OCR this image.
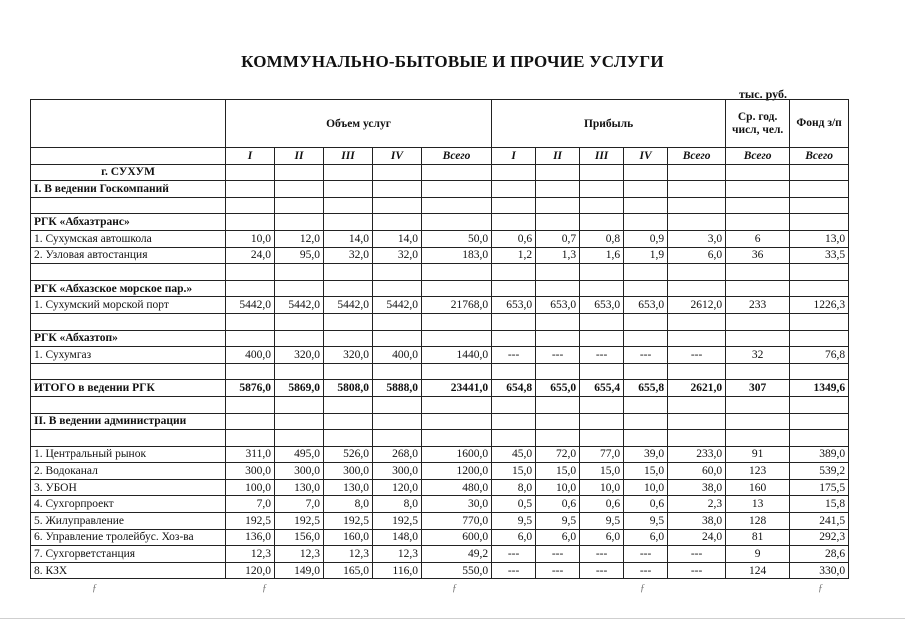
КОММУНАЛЬНО-БЫТОВЫЕ И ПРОЧИЕ УСЛУГИ
тыс. руб.
	Объем услуг					Прибыль					Ср. год. числ, чел.	Фонд з/п
	I	II	III	IV	Всего	I	II	III	IV	Всего	Всего	Всего
г. СУХУМ												
I. В ведении Госкомпаний												

РГК «Абхазтранс»												
1. Сухумская автошкола	10,0	12,0	14,0	14,0	50,0	0,6	0,7	0,8	0,9	3,0	6	13,0
2. Узловая автостанция	24,0	95,0	32,0	32,0	183,0	1,2	1,3	1,6	1,9	6,0	36	33,5

РГК «Абхазское морское пар.»												
1. Сухумский морской порт	5442,0	5442,0	5442,0	5442,0	21768,0	653,0	653,0	653,0	653,0	2612,0	233	1226,3

РГК «Абхазтоп»												
1. Сухумгаз	400,0	320,0	320,0	400,0	1440,0	---	---	---	---	---	32	76,8

ИТОГО в ведении РГК	5876,0	5869,0	5808,0	5888,0	23441,0	654,8	655,0	655,4	655,8	2621,0	307	1349,6

II. В ведении администрации												

1. Центральный рынок	311,0	495,0	526,0	268,0	1600,0	45,0	72,0	77,0	39,0	233,0	91	389,0
2. Водоканал	300,0	300,0	300,0	300,0	1200,0	15,0	15,0	15,0	15,0	60,0	123	539,2
3. УБОН	100,0	130,0	130,0	120,0	480,0	8,0	10,0	10,0	10,0	38,0	160	175,5
4. Сухгорпроект	7,0	7,0	8,0	8,0	30,0	0,5	0,6	0,6	0,6	2,3	13	15,8
5. Жилуправление	192,5	192,5	192,5	192,5	770,0	9,5	9,5	9,5	9,5	38,0	128	241,5
6. Управление тролейбус. Хоз-ва	136,0	156,0	160,0	148,0	600,0	6,0	6,0	6,0	6,0	24,0	81	292,3
7. Сухгорветстанция	12,3	12,3	12,3	12,3	49,2	---	---	---	---	---	9	28,6
8. КЗХ	120,0	149,0	165,0	116,0	550,0	---	---	---	---	---	124	330,0
ƒ	ƒ	ƒ	ƒ	ƒ
